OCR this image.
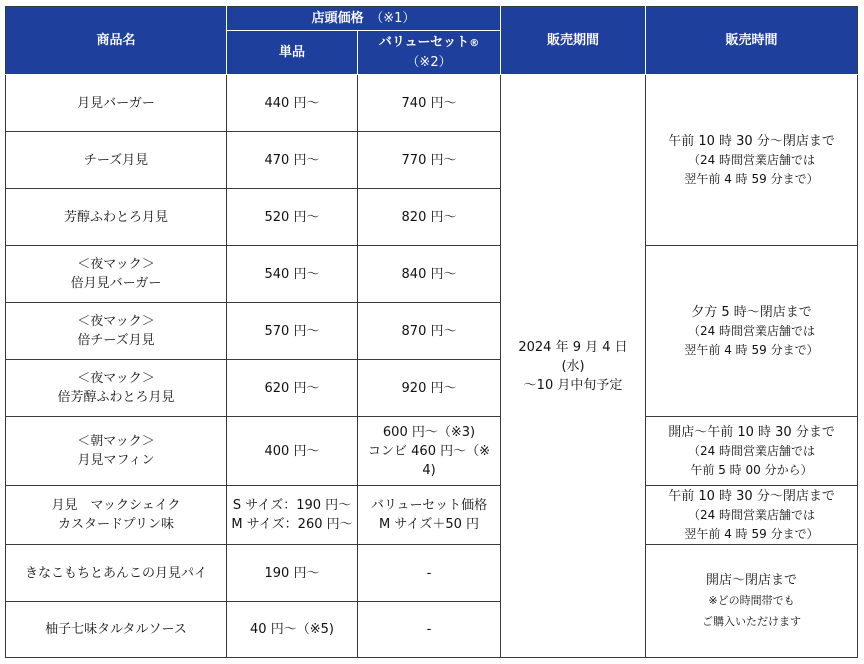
商品名	店頭価格　 （※1）		販売期間	販売時間
	単品	バリューセット®
（※2）		

月見バーガー	440 円～	740 円～	2024 年 9 月 4 日
(水)
～10 月中旬予定	午前 10 時 30 分～閉店まで
（24 時間営業店舗では
翌午前 4 時 59 分まで）

チーズ月見	470 円～	770 円～		
芳醇ふわとろ月見	520 円～	820 円～		

＜夜マック＞
倍月見バーガー	540 円～	840 円～		夕方 5 時～閉店まで
（24 時間営業店舗では
翌午前 4 時 59 分まで）

＜夜マック＞
倍チーズ月見	570 円～	870 円～		

＜夜マック＞
倍芳醇ふわとろ月見	620 円～	920 円～		

＜朝マック＞
月見マフィン	400 円～	600 円～（※3)
コンビ 460 円～（※
4)		開店～午前 10 時 30 分まで
（24 時間営業店舗では
午前 5 時 00 分から）

月見　マックシェイク
カスタードプリン味	S サイズ：190 円～
M サイズ：260 円～	バリューセット価格
M サイズ＋50 円		午前 10 時 30 分～閉店まで
（24 時間営業店舗では
翌午前 4 時 59 分まで）

きなこもちとあんこの月見パイ	190 円～	-		開店～閉店まで
※どの時間帯でも
ご購入いただけます

柚子七味タルタルソース	40 円～（※5)	-		
